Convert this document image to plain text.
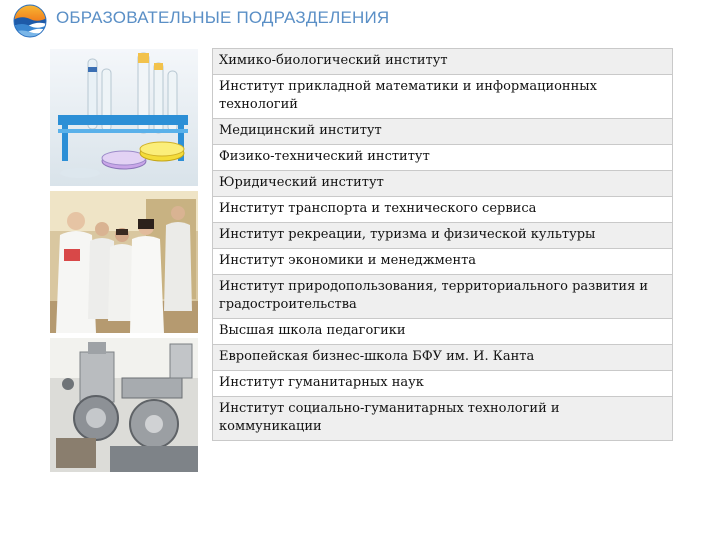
ОБРАЗОВАТЕЛЬНЫЕ ПОДРАЗДЕЛЕНИЯ
Химико-биологический институт
Институт прикладной математики и информационных технологий
Медицинский институт
Физико-технический институт
Юридический институт
Институт транспорта и технического сервиса
Институт рекреации, туризма и физической культуры
Институт экономики и менеджмента
Институт природопользования, территориального развития и градостроительства
Высшая школа педагогики
Европейская бизнес-школа БФУ им. И. Канта
Институт гуманитарных наук
Институт социально-гуманитарных технологий и коммуникации
